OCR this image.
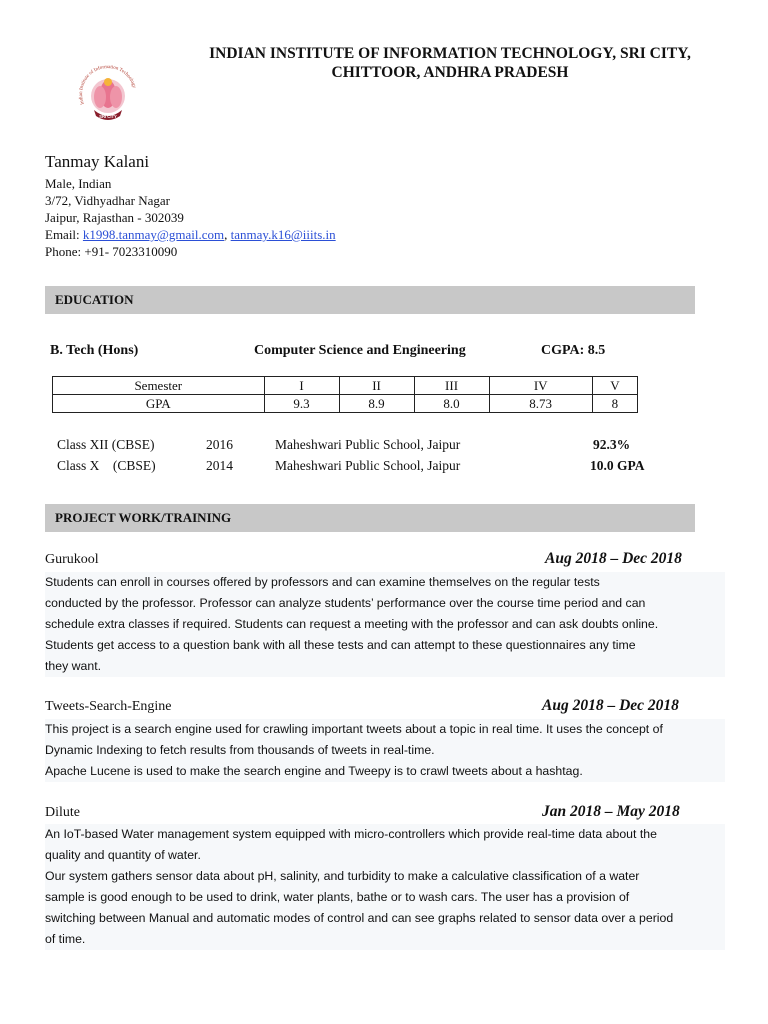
Indian Institute of Information Technology
SRI CITY
INDIAN INSTITUTE OF INFORMATION TECHNOLOGY, SRI CITY,
CHITTOOR, ANDHRA PRADESH
Tanmay Kalani
Male, Indian
3/72, Vidhyadhar Nagar
Jaipur, Rajasthan - 302039
Email: k1998.tanmay@gmail.com, tanmay.k16@iiits.in
Phone: +91- 7023310090
EDUCATION
B. Tech (Hons)	Computer Science and Engineering	CGPA: 8.5
Semester	I	II	III	IV	V
GPA	9.3	8.9	8.0	8.73	8
Class XII (CBSE)	2016	Maheshwari Public School, Jaipur	92.3%
Class X    (CBSE)	2014	Maheshwari Public School, Jaipur	10.0 GPA
PROJECT WORK/TRAINING
Gurukool	Aug 2018 – Dec 2018
Students can enroll in courses offered by professors and can examine themselves on the regular tests
conducted by the professor. Professor can analyze students’ performance over the course time period and can
schedule extra classes if required. Students can request a meeting with the professor and can ask doubts online.
Students get access to a question bank with all these tests and can attempt to these questionnaires any time
they want.
Tweets-Search-Engine	Aug 2018 – Dec 2018
This project is a search engine used for crawling important tweets about a topic in real time. It uses the concept of
Dynamic Indexing to fetch results from thousands of tweets in real-time.
Apache Lucene is used to make the search engine and Tweepy is to crawl tweets about a hashtag.
Dilute	Jan 2018 – May 2018
An IoT-based Water management system equipped with micro-controllers which provide real-time data about the
quality and quantity of water.
Our system gathers sensor data about pH, salinity, and turbidity to make a calculative classification of a water
sample is good enough to be used to drink, water plants, bathe or to wash cars. The user has a provision of
switching between Manual and automatic modes of control and can see graphs related to sensor data over a period
of time.
